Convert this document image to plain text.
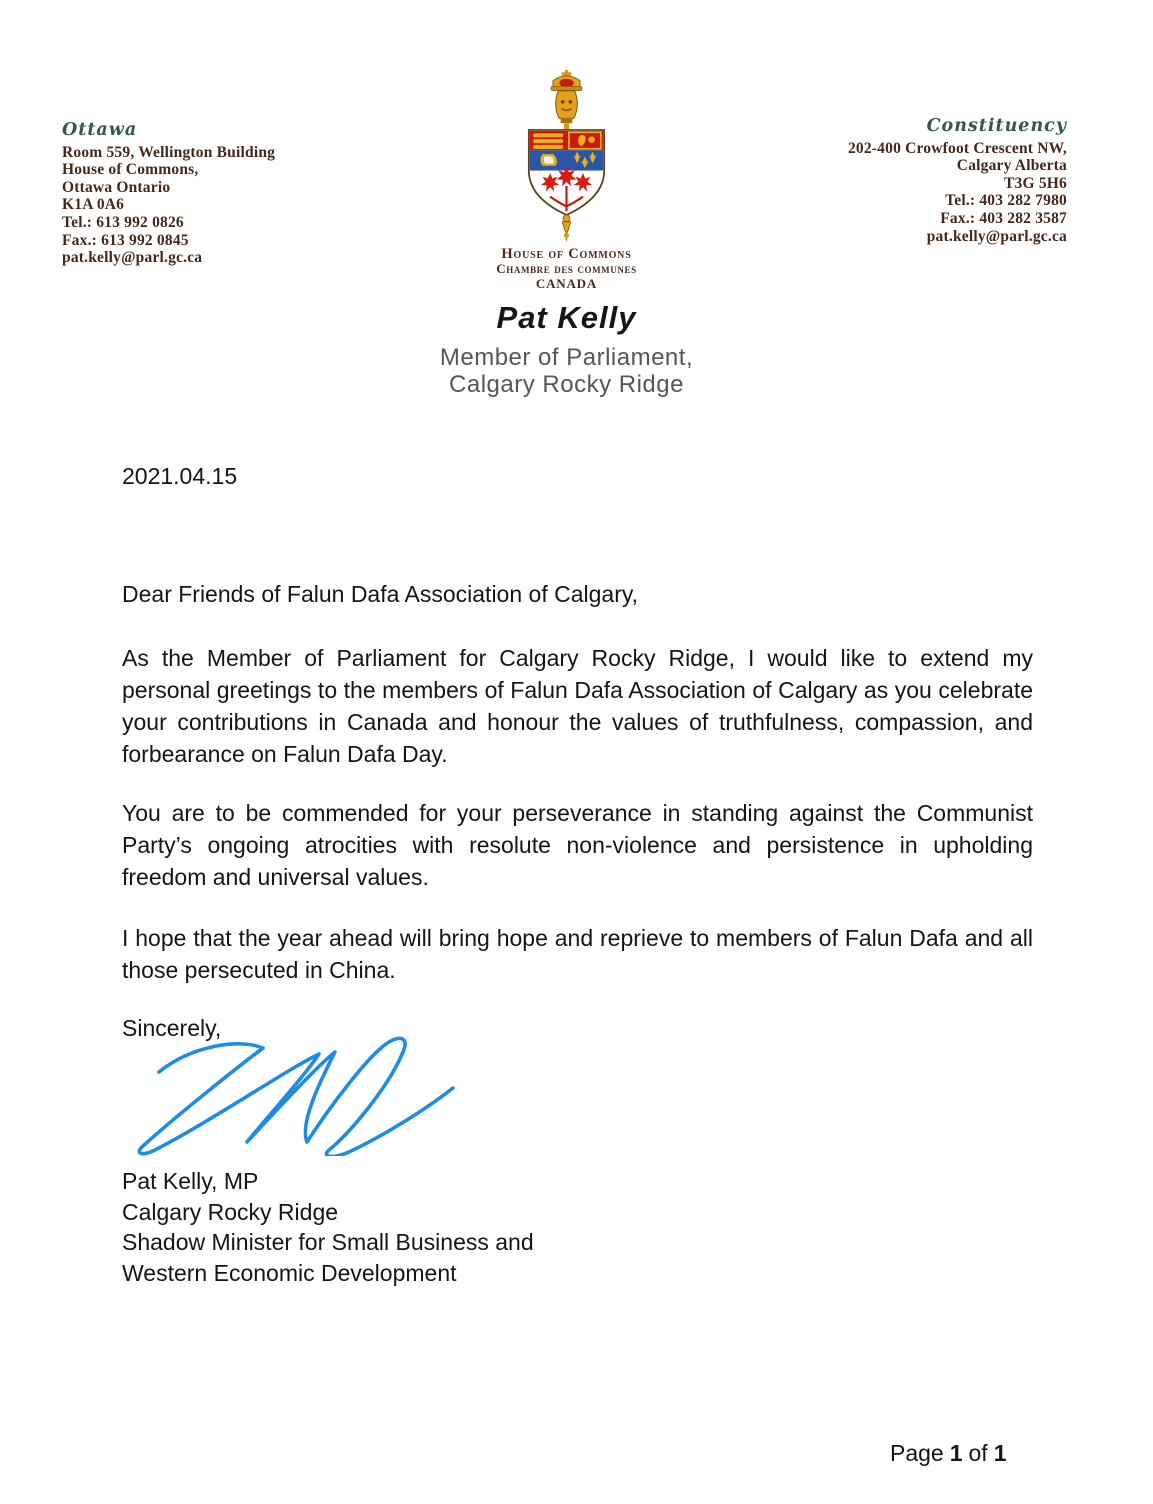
Ottawa
Room 559, Wellington Building
House of Commons,
Ottawa Ontario
K1A 0A6
Tel.: 613 992 0826
Fax.: 613 992 0845
pat.kelly@parl.gc.ca
Constituency
202-400 Crowfoot Crescent NW,
Calgary Alberta
T3G 5H6
Tel.: 403 282 7980
Fax.: 403 282 3587
pat.kelly@parl.gc.ca
House of Commons
Chambre des communes
CANADA
Pat Kelly
Member of Parliament,
Calgary Rocky Ridge
2021.04.15
Dear Friends of Falun Dafa Association of Calgary,
As the Member of Parliament for Calgary Rocky Ridge, I would like to extend my personal greetings to the members of Falun Dafa Association of Calgary as you celebrate your contributions in Canada and honour the values of truthfulness, compassion, and forbearance on Falun Dafa Day.
You are to be commended for your perseverance in standing against the Communist Party’s ongoing atrocities with resolute non-violence and persistence in upholding freedom and universal values.
I hope that the year ahead will bring hope and reprieve to members of Falun Dafa and all those persecuted in China.
Sincerely,
Pat Kelly, MP
Calgary Rocky Ridge
Shadow Minister for Small Business and
Western Economic Development
Page 1 of 1
